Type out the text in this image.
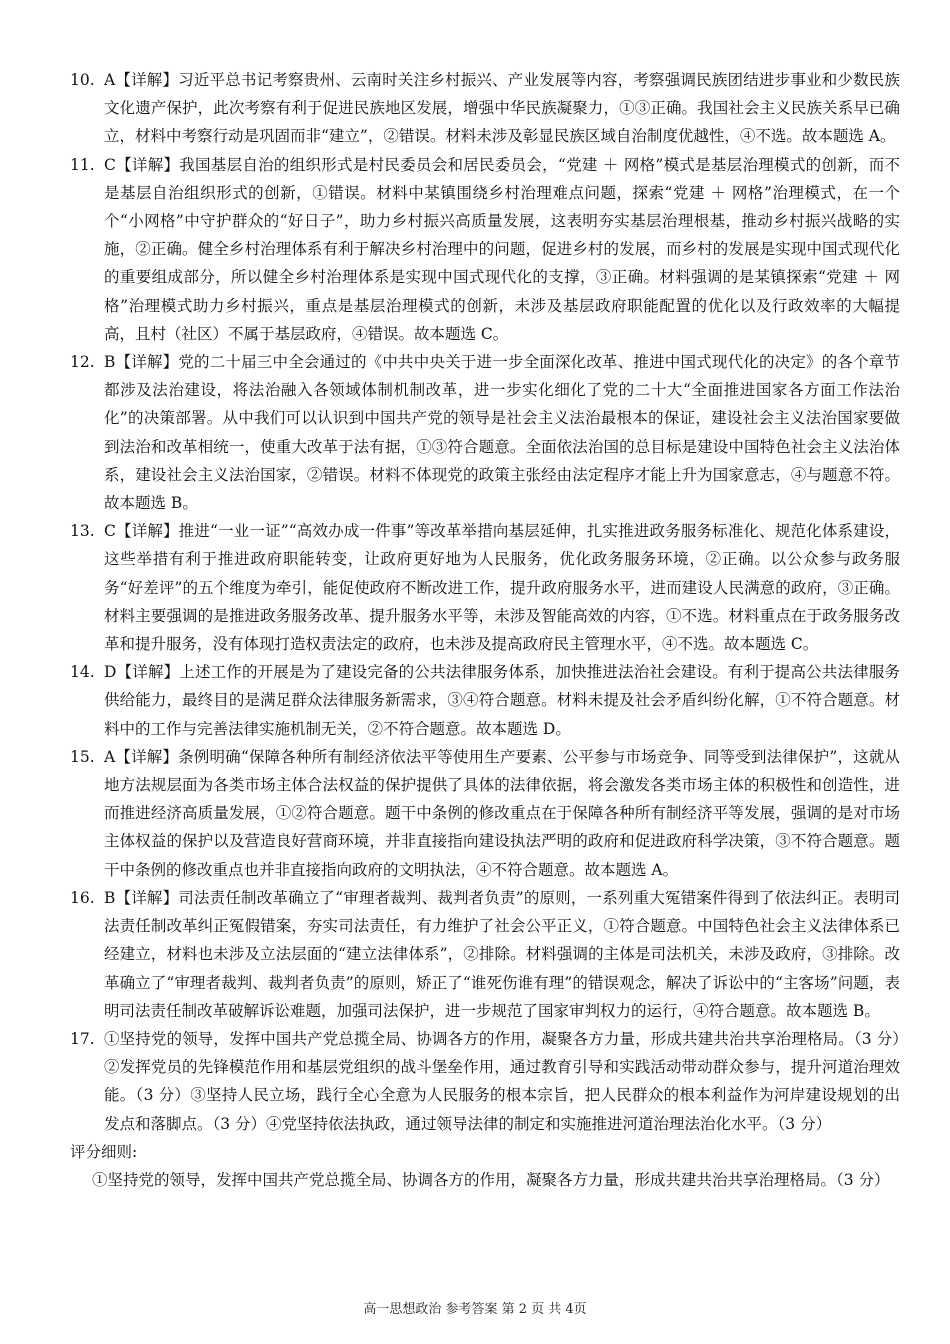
10. A【详解】习近平总书记考察贵州、云南时关注乡村振兴、产业发展等内容，考察强调民族团结进步事业和少数民族文化遗产保护，此次考察有利于促进民族地区发展，增强中华民族凝聚力，①③正确。我国社会主义民族关系早已确立，材料中考察行动是巩固而非“建立”，②错误。材料未涉及彰显民族区域自治制度优越性，④不选。故本题选 A。
11. C【详解】我国基层自治的组织形式是村民委员会和居民委员会，“党建 ＋ 网格”模式是基层治理模式的创新，而不是基层自治组织形式的创新，①错误。材料中某镇围绕乡村治理难点问题，探索“党建 ＋ 网格”治理模式，在一个个“小网格”中守护群众的“好日子”，助力乡村振兴高质量发展，这表明夯实基层治理根基，推动乡村振兴战略的实施，②正确。健全乡村治理体系有利于解决乡村治理中的问题，促进乡村的发展，而乡村的发展是实现中国式现代化的重要组成部分，所以健全乡村治理体系是实现中国式现代化的支撑，③正确。材料强调的是某镇探索“党建 ＋ 网格”治理模式助力乡村振兴，重点是基层治理模式的创新，未涉及基层政府职能配置的优化以及行政效率的大幅提高，且村（社区）不属于基层政府，④错误。故本题选 C。
12. B【详解】党的二十届三中全会通过的《中共中央关于进一步全面深化改革、推进中国式现代化的决定》的各个章节都涉及法治建设，将法治融入各领域体制机制改革，进一步实化细化了党的二十大“全面推进国家各方面工作法治化”的决策部署。从中我们可以认识到中国共产党的领导是社会主义法治最根本的保证，建设社会主义法治国家要做到法治和改革相统一，使重大改革于法有据，①③符合题意。全面依法治国的总目标是建设中国特色社会主义法治体系，建设社会主义法治国家，②错误。材料不体现党的政策主张经由法定程序才能上升为国家意志，④与题意不符。故本题选 B。
13. C【详解】推进“一业一证”“高效办成一件事”等改革举措向基层延伸，扎实推进政务服务标准化、规范化体系建设，这些举措有利于推进政府职能转变，让政府更好地为人民服务，优化政务服务环境，②正确。以公众参与政务服务“好差评”的五个维度为牵引，能促使政府不断改进工作，提升政府服务水平，进而建设人民满意的政府，③正确。材料主要强调的是推进政务服务改革、提升服务水平等，未涉及智能高效的内容，①不选。材料重点在于政务服务改革和提升服务，没有体现打造权责法定的政府，也未涉及提高政府民主管理水平，④不选。故本题选 C。
14. D【详解】上述工作的开展是为了建设完备的公共法律服务体系，加快推进法治社会建设。有利于提高公共法律服务供给能力，最终目的是满足群众法律服务新需求，③④符合题意。材料未提及社会矛盾纠纷化解，①不符合题意。材料中的工作与完善法律实施机制无关，②不符合题意。故本题选 D。
15. A【详解】条例明确“保障各种所有制经济依法平等使用生产要素、公平参与市场竞争、同等受到法律保护”，这就从地方法规层面为各类市场主体合法权益的保护提供了具体的法律依据，将会激发各类市场主体的积极性和创造性，进而推进经济高质量发展，①②符合题意。题干中条例的修改重点在于保障各种所有制经济平等发展，强调的是对市场主体权益的保护以及营造良好营商环境，并非直接指向建设执法严明的政府和促进政府科学决策，③不符合题意。题干中条例的修改重点也并非直接指向政府的文明执法，④不符合题意。故本题选 A。
16. B【详解】司法责任制改革确立了“审理者裁判、裁判者负责”的原则，一系列重大冤错案件得到了依法纠正。表明司法责任制改革纠正冤假错案，夯实司法责任，有力维护了社会公平正义，①符合题意。中国特色社会主义法律体系已经建立，材料也未涉及立法层面的“建立法律体系”，②排除。材料强调的主体是司法机关，未涉及政府，③排除。改革确立了“审理者裁判、裁判者负责”的原则，矫正了“谁死伤谁有理”的错误观念，解决了诉讼中的“主客场”问题，表明司法责任制改革破解诉讼难题，加强司法保护，进一步规范了国家审判权力的运行，④符合题意。故本题选 B。
17. ①坚持党的领导，发挥中国共产党总揽全局、协调各方的作用，凝聚各方力量，形成共建共治共享治理格局。（3 分）②发挥党员的先锋模范作用和基层党组织的战斗堡垒作用，通过教育引导和实践活动带动群众参与，提升河道治理效能。（3 分）③坚持人民立场，践行全心全意为人民服务的根本宗旨，把人民群众的根本利益作为河岸建设规划的出发点和落脚点。（3 分）④党坚持依法执政，通过领导法律的制定和实施推进河道治理法治化水平。（3 分）
评分细则:
①坚持党的领导，发挥中国共产党总揽全局、协调各方的作用，凝聚各方力量，形成共建共治共享治理格局。（3 分）
高一思想政治 参考答案 第 2 页 共 4页
